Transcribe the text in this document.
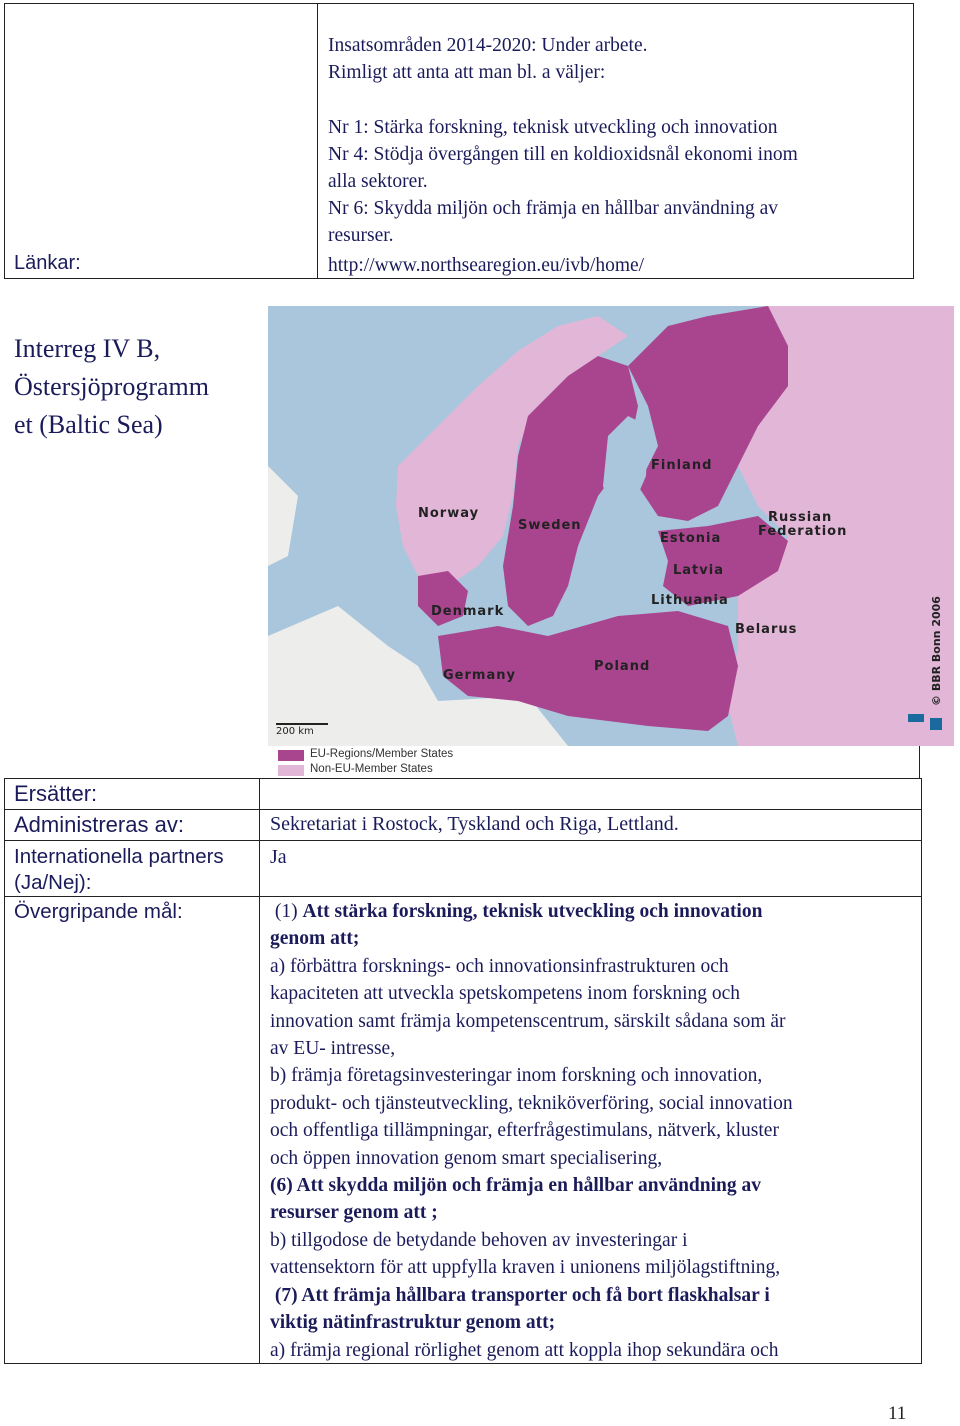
Insatsområden 2014-2020: Under arbete.
Rimligt att anta att man bl. a väljer:
Nr 1: Stärka forskning, teknisk utveckling och innovation
Nr 4: Stödja övergången till en koldioxidsnål ekonomi inom
alla sektorer.
Nr 6: Skydda miljön och främja en hållbar användning av
resurser.
http://www.northsearegion.eu/ivb/home/
Länkar:
Interreg IV B,
Östersjöprogramm
et (Baltic Sea)
Finland
Norway
Sweden
Russian
Federation
Estonia
Latvia
Lithuania
Denmark
Belarus
Poland
Germany
200 km
© BBR Bonn 2006
EU-Regions/Member States
Non-EU-Member States
Ersätter:
Administreras av:	Sekretariat i Rostock, Tyskland och Riga, Lettland.
Internationella partners
(Ja/Nej):
Ja
Övergripande mål:	(1) Att stärka forskning, teknisk utveckling och innovation

genom att;

a) förbättra forsknings- och innovationsinfrastrukturen och

kapaciteten att utveckla spetskompetens inom forskning och

innovation samt främja kompetenscentrum, särskilt sådana som är

av EU- intresse,

b) främja företagsinvesteringar inom forskning och innovation,

produkt- och tjänsteutveckling, tekniköverföring, social innovation

och offentliga tillämpningar, efterfrågestimulans, nätverk, kluster

och öppen innovation genom smart specialisering,

(6) Att skydda miljön och främja en hållbar användning av

resurser genom att ;

b) tillgodose de betydande behoven av investeringar i

vattensektorn för att uppfylla kraven i unionens miljölagstiftning,

(7) Att främja hållbara transporter och få bort flaskhalsar i

viktig nätinfrastruktur genom att;

a) främja regional rörlighet genom att koppla ihop sekundära och

11
